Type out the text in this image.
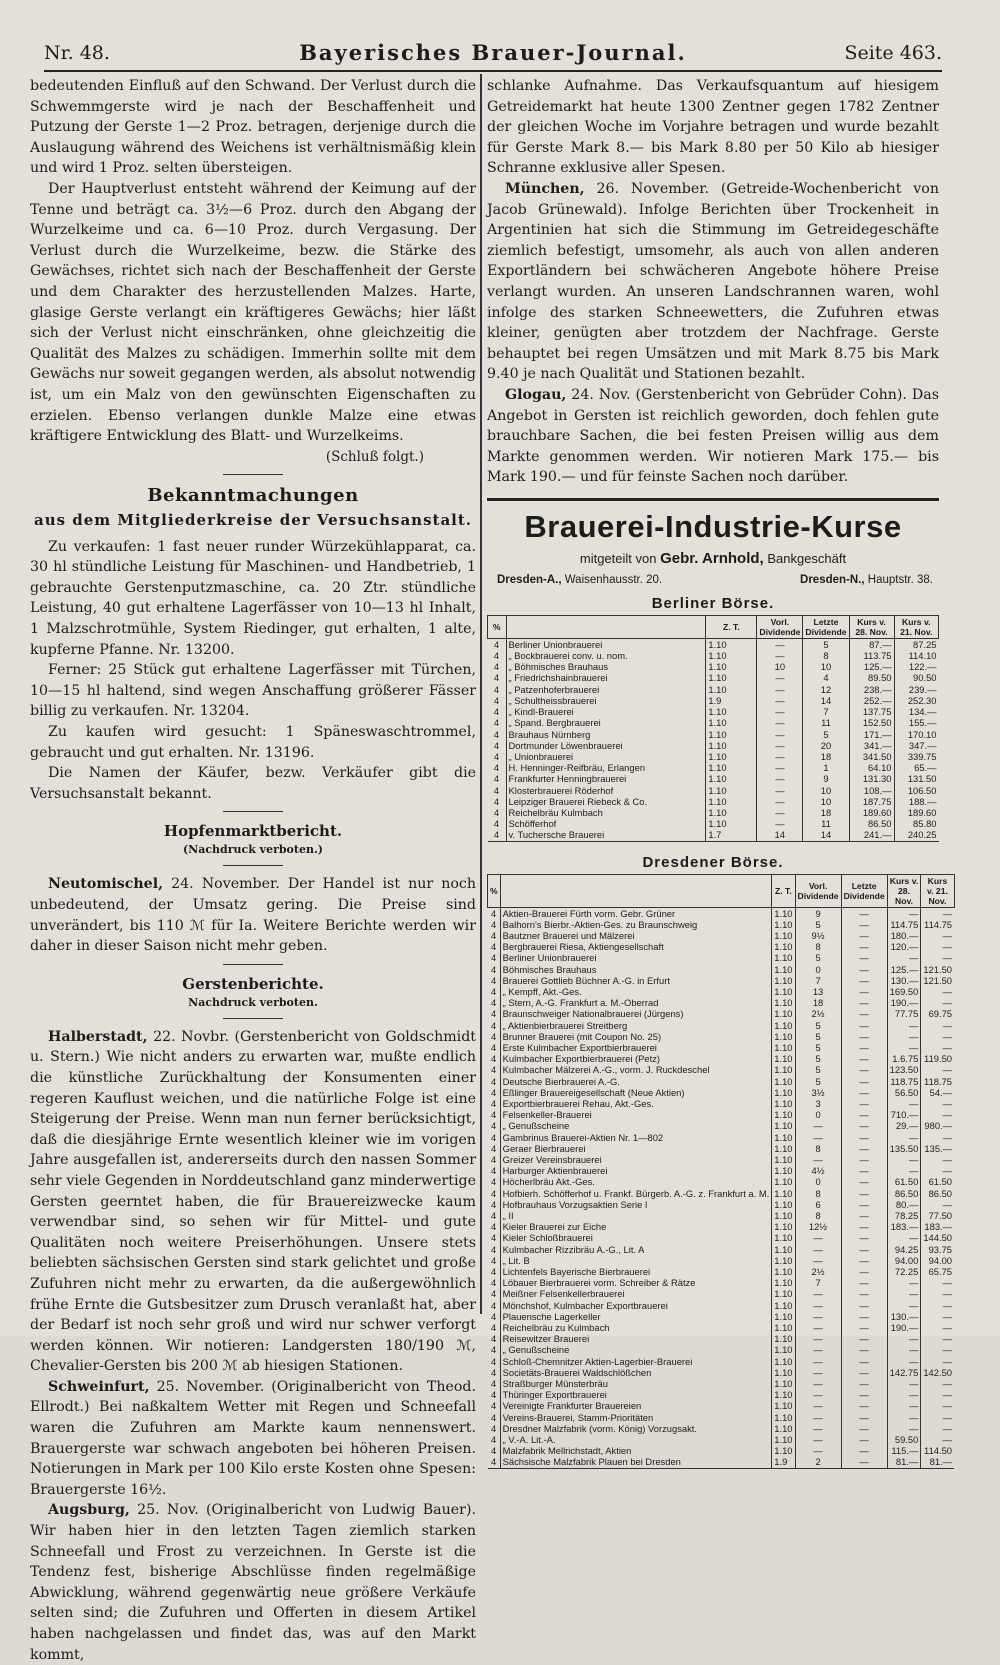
Nr. 48.	Bayerisches Brauer-Journal.	Seite 463.

bedeutenden Einfluß auf den Schwand. Der Verlust durch die Schwemmgerste wird je nach der Beschaffenheit und Putzung der Gerste 1—2 Proz. betragen, derjenige durch die Auslaugung während des Weichens ist verhältnismäßig klein und wird 1 Proz. selten übersteigen.

Der Hauptverlust entsteht während der Keimung auf der Tenne und beträgt ca. 3½—6 Proz. durch den Abgang der Wurzelkeime und ca. 6—10 Proz. durch Vergasung. Der Verlust durch die Wurzelkeime, bezw. die Stärke des Gewächses, richtet sich nach der Beschaffenheit der Gerste und dem Charakter des herzustellenden Malzes. Harte, glasige Gerste verlangt ein kräftigeres Gewächs; hier läßt sich der Verlust nicht einschränken, ohne gleichzeitig die Qualität des Malzes zu schädigen. Immerhin sollte mit dem Gewächs nur soweit gegangen werden, als absolut notwendig ist, um ein Malz von den gewünschten Eigenschaften zu erzielen. Ebenso verlangen dunkle Malze eine etwas kräftigere Entwicklung des Blatt- und Wurzelkeims.

(Schluß folgt.)

Bekanntmachungen

aus dem Mitgliederkreise der Versuchsanstalt.

Zu verkaufen: 1 fast neuer runder Würzekühlapparat, ca. 30 hl stündliche Leistung für Maschinen- und Handbetrieb, 1 gebrauchte Gerstenputzmaschine, ca. 20 Ztr. stündliche Leistung, 40 gut erhaltene Lagerfässer von 10—13 hl Inhalt, 1 Malzschrotmühle, System Riedinger, gut erhalten, 1 alte, kupferne Pfanne. Nr. 13200.

Ferner: 25 Stück gut erhaltene Lagerfässer mit Türchen, 10—15 hl haltend, sind wegen Anschaffung größerer Fässer billig zu verkaufen. Nr. 13204.

Zu kaufen wird gesucht: 1 Späneswaschtrommel, gebraucht und gut erhalten. Nr. 13196.

Die Namen der Käufer, bezw. Verkäufer gibt die Versuchsanstalt bekannt.

Hopfenmarktbericht.

(Nachdruck verboten.)

Neutomischel, 24. November. Der Handel ist nur noch unbedeutend, der Umsatz gering. Die Preise sind unverändert, bis 110 ℳ für Ia. Weitere Berichte werden wir daher in dieser Saison nicht mehr geben.

Gerstenberichte.

Nachdruck verboten.

Halberstadt, 22. Novbr. (Gerstenbericht von Goldschmidt u. Stern.) Wie nicht anders zu erwarten war, mußte endlich die künstliche Zurückhaltung der Konsumenten einer regeren Kauflust weichen, und die natürliche Folge ist eine Steigerung der Preise. Wenn man nun ferner berücksichtigt, daß die diesjährige Ernte wesentlich kleiner wie im vorigen Jahre ausgefallen ist, andererseits durch den nassen Sommer sehr viele Gegenden in Norddeutschland ganz minderwertige Gersten geerntet haben, die für Brauereizwecke kaum verwendbar sind, so sehen wir für Mittel- und gute Qualitäten noch weitere Preiserhöhungen. Unsere stets beliebten sächsischen Gersten sind stark gelichtet und große Zufuhren nicht mehr zu erwarten, da die außergewöhnlich frühe Ernte die Gutsbesitzer zum Drusch veranlaßt hat, aber der Bedarf ist noch sehr groß und wird nur schwer verforgt werden können. Wir notieren: Landgersten 180/190 ℳ, Chevalier-Gersten bis 200 ℳ ab hiesigen Stationen.

Schweinfurt, 25. November. (Originalbericht von Theod. Ellrodt.) Bei naßkaltem Wetter mit Regen und Schneefall waren die Zufuhren am Markte kaum nennenswert. Brauergerste war schwach angeboten bei höheren Preisen. Notierungen in Mark per 100 Kilo erste Kosten ohne Spesen: Brauergerste 16½.

Augsburg, 25. Nov. (Originalbericht von Ludwig Bauer). Wir haben hier in den letzten Tagen ziemlich starken Schneefall und Frost zu verzeichnen. In Gerste ist die Tendenz fest, bisherige Abschlüsse finden regelmäßige Abwicklung, während gegenwärtig neue größere Verkäufe selten sind; die Zufuhren und Offerten in diesem Artikel haben nachgelassen und findet das, was auf den Markt kommt,

schlanke Aufnahme. Das Verkaufsquantum auf hiesigem Getreidemarkt hat heute 1300 Zentner gegen 1782 Zentner der gleichen Woche im Vorjahre betragen und wurde bezahlt für Gerste Mark 8.— bis Mark 8.80 per 50 Kilo ab hiesiger Schranne exklusive aller Spesen.

München, 26. November. (Getreide-Wochenbericht von Jacob Grünewald). Infolge Berichten über Trockenheit in Argentinien hat sich die Stimmung im Getreidegeschäfte ziemlich befestigt, umsomehr, als auch von allen anderen Exportländern bei schwächeren Angebote höhere Preise verlangt wurden. An unseren Landschrannen waren, wohl infolge des starken Schneewetters, die Zufuhren etwas kleiner, genügten aber trotzdem der Nachfrage. Gerste behauptet bei regen Umsätzen und mit Mark 8.75 bis Mark 9.40 je nach Qualität und Stationen bezahlt.

Glogau, 24. Nov. (Gerstenbericht von Gebrüder Cohn). Das Angebot in Gersten ist reichlich geworden, doch fehlen gute brauchbare Sachen, die bei festen Preisen willig aus dem Markte genommen werden. Wir notieren Mark 175.— bis Mark 190.— und für feinste Sachen noch darüber.

Brauerei-Industrie-Kurse
mitgeteilt von Gebr. Arnhold, Bankgeschäft
Dresden-A., Waisenhausstr. 20.	Dresden-N., Hauptstr. 38.
Berliner Börse.
%		Z. T.	Vorl. Dividende	Letzte Dividende	Kurs v. 28. Nov.	Kurs v. 21. Nov.
4	Berliner Unionbrauerei	1.10	—	5	87.—	87.25
4	„ Bockbrauerei conv. u. nom.	1.10	—	8	113.75	114.10
4	„ Böhmisches Brauhaus	1.10	10	10	125.—	122.—
4	„ Friedrichshainbrauerei	1.10	—	4	89.50	90.50
4	„ Patzenhoferbrauerei	1.10	—	12	238.—	239.—
4	„ Schultheissbrauerei	1.9	—	14	252.—	252.30
4	„ Kindl-Brauerei	1.10	—	7	137.75	134.—
4	„ Spand. Bergbrauerei	1.10	—	11	152.50	155.—
4	Brauhaus Nürnberg	1.10	—	5	171.—	170.10
4	Dortmunder Löwenbrauerei	1.10	—	20	341.—	347.—
4	„ Unionbrauerei	1.10	—	18	341.50	339.75
4	H. Henninger-Reifbräu, Erlangen	1.10	—	1	64.10	65.—
4	Frankfurter Henningbrauerei	1.10	—	9	131.30	131.50
4	Klosterbrauerei Röderhof	1.10	—	10	108.—	106.50
4	Leipziger Brauerei Riebeck & Co.	1.10	—	10	187.75	188.—
4	Reichelbräu Kulmbach	1.10	—	18	189.60	189.60
4	Schöfferhof	1.10	—	11	86.50	85.80
4	v. Tuchersche Brauerei	1.7	14	14	241.—	240.25
Dresdener Börse.
%		Z. T.	Vorl. Dividende	Letzte Dividende	Kurs v. 28. Nov.	Kurs v. 21. Nov.
4	Aktien-Brauerei Fürth vorm. Gebr. Grüner	1.10	9	—	—	—
4	Balhorn's Bierbr.-Aktien-Ges. zu Braunschweig	1.10	5	—	114.75	114.75
4	Bautzner Brauerei und Mälzerei	1.10	9½	—	180.—	—
4	Bergbrauerei Riesa, Aktiengesellschaft	1.10	8	—	120.—	—
4	Berliner Unionbrauerei	1.10	5	—	—	—
4	Böhmisches Brauhaus	1.10	0	—	125.—	121.50
4	Brauerei Gottlieb Büchner A.-G. in Erfurt	1.10	7	—	130.—	121.50
4	„ Kempff, Akt.-Ges.	1.10	13	—	169.50	—
4	„ Stern, A.-G. Frankfurt a. M.-Oberrad	1.10	18	—	190.—	—
4	Braunschweiger Nationalbrauerei (Jürgens)	1.10	2½	—	77.75	69.75
4	„ Aktienbierbrauerei Streitberg	1.10	5	—	—	—
4	Brunner Brauerei (mit Coupon No. 25)	1.10	5	—	—	—
4	Erste Kulmbacher Exportbierbrauerei	1.10	5	—	—	—
4	Kulmbacher Exportbierbrauerei (Petz)	1.10	5	—	1.6.75	119.50
4	Kulmbacher Mälzerei A.-G., vorm. J. Ruckdeschel	1.10	5	—	123.50	—
4	Deutsche Bierbrauerei A.-G.	1.10	5	—	118.75	118.75
4	Eßlinger Brauereigesellschaft (Neue Aktien)	1.10	3½	—	56.50	54.—
4	Exportbierbrauerei Rehau, Akt.-Ges.	1.10	3	—	—	—
4	Felsenkeller-Brauerei	1.10	0	—	710.—	—
4	„ Genußscheine	1.10	—	—	29.—	980.—
4	Gambrinus Brauerei-Aktien Nr. 1—802	1.10	—	—	—	—
4	Geraer Bierbrauerei	1.10	8	—	135.50	135.—
4	Greizer Vereinsbrauerei	1.10	—	—	—	—
4	Harburger Aktienbrauerei	1.10	4½	—	—	—
4	Höcherlbräu Akt.-Ges.	1.10	0	—	61.50	61.50
4	Hofbierh. Schöfferhof u. Frankf. Bürgerb. A.-G. z. Frankfurt a. M.	1.10	8	—	86.50	86.50
4	Hofbrauhaus Vorzugsaktien Serie I	1.10	6	—	80.—	—
4	„ II	1.10	8	—	78.25	77.50
4	Kieler Brauerei zur Eiche	1.10	12½	—	183.—	183.—
4	Kieler Schloßbrauerei	1.10	—	—	—	144.50
4	Kulmbacher Rizzibräu A.-G., Lit. A	1.10	—	—	94.25	93.75
4	„ Lit. B	1.10	—	—	94.00	94.00
4	Lichtenfels Bayerische Bierbrauerei	1.10	2½	—	72.25	65.75
4	Löbauer Bierbrauerei vorm. Schreiber & Rätze	1.10	7	—	—	—
4	Meißner Felsenkellerbrauerei	1.10	—	—	—	—
4	Mönchshof, Kulmbacher Exportbrauerei	1.10	—	—	—	—
4	Plauensche Lagerkeller	1.10	—	—	130.—	—
4	Reichelbräu zu Kulmbach	1.10	—	—	190.—	—
4	Reisewitzer Brauerei	1.10	—	—	—	—
4	„ Genußscheine	1.10	—	—	—	—
4	Schloß-Chemnitzer Aktien-Lagerbier-Brauerei	1.10	—	—	—	—
4	Societäts-Brauerei Waldschlößchen	1.10	—	—	142.75	142.50
4	Straßburger Münsterbräu	1.10	—	—	—	—
4	Thüringer Exportbrauerei	1.10	—	—	—	—
4	Vereinigte Frankfurter Brauereien	1.10	—	—	—	—
4	Vereins-Brauerei, Stamm-Prioritäten	1.10	—	—	—	—
4	Dresdner Malzfabrik (vorm. König) Vorzugsakt.	1.10	—	—	—	—
4	„ V.-A. Lit.-A.	1.10	—	—	59.50	—
4	Malzfabrik Mellrichstadt, Aktien	1.10	—	—	115.—	114.50
4	Sächsische Malzfabrik Plauen bei Dresden	1.9	2	—	81.—	81.—
